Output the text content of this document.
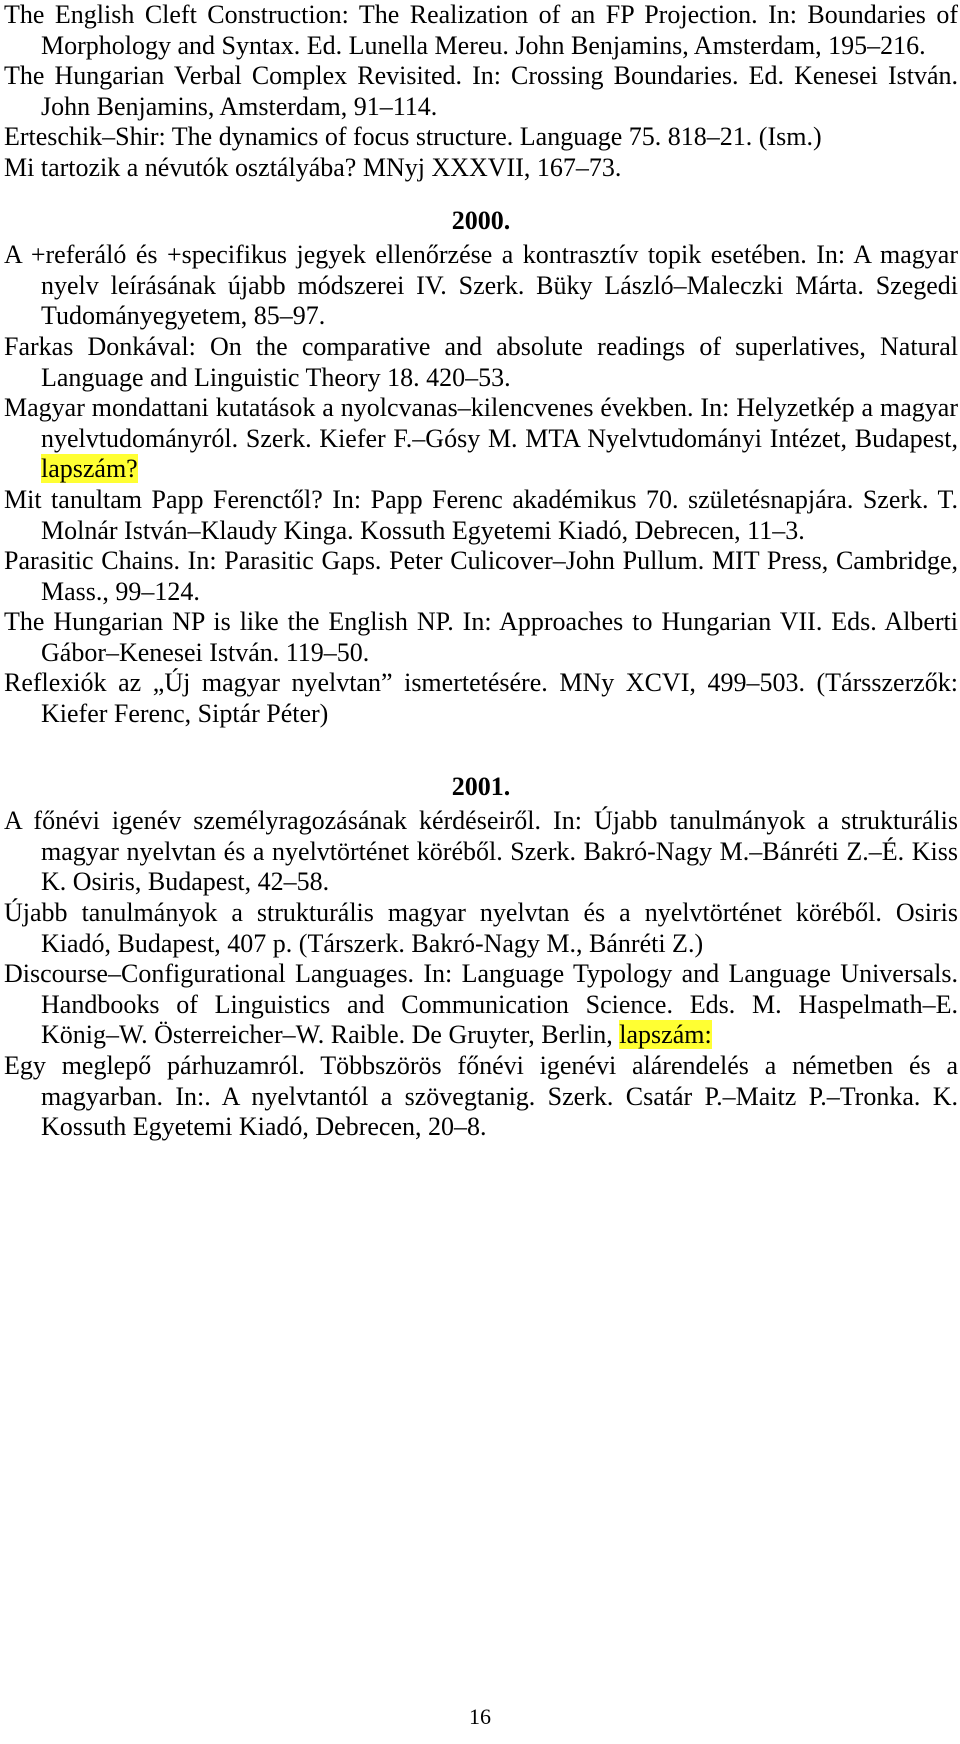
The English Cleft Construction: The Realization of an FP Projection. In: Boundaries of Morphology and Syntax. Ed. Lunella Mereu. John Benjamins, Amsterdam, 195–216.

The Hungarian Verbal Complex Revisited. In: Crossing Boundaries. Ed. Kenesei István. John Benjamins, Amsterdam, 91–114.

Erteschik–Shir: The dynamics of focus structure. Language 75. 818–21. (Ism.)

Mi tartozik a névutók osztályába? MNyj XXXVII, 167–73.

2000.

A +referáló és +specifikus jegyek ellenőrzése a kontrasztív topik esetében. In: A magyar nyelv leírásának újabb módszerei IV. Szerk. Büky László–Maleczki Márta. Szegedi Tudományegyetem, 85–97.

Farkas Donkával: On the comparative and absolute readings of superlatives, Natural Language and Linguistic Theory 18. 420–53.

Magyar mondattani kutatások a nyolcvanas–kilencvenes években. In: Helyzetkép a magyar nyelvtudományról. Szerk. Kiefer F.–Gósy M. MTA Nyelvtudományi Intézet, Budapest, lapszám?

Mit tanultam Papp Ferenctől? In: Papp Ferenc akadémikus 70. születésnapjára. Szerk. T. Molnár István–Klaudy Kinga. Kossuth Egyetemi Kiadó, Debrecen, 11–3.

Parasitic Chains. In: Parasitic Gaps. Peter Culicover–John Pullum. MIT Press, Cambridge, Mass., 99–124.

The Hungarian NP is like the English NP. In: Approaches to Hungarian VII. Eds. Alberti Gábor–Kenesei István. 119–50.

Reflexiók az „Új magyar nyelvtan” ismertetésére. MNy XCVI, 499–503. (Társszerzők: Kiefer Ferenc, Siptár Péter)

2001.

A főnévi igenév személyragozásának kérdéseiről. In: Újabb tanulmányok a strukturális magyar nyelvtan és a nyelvtörténet köréből. Szerk. Bakró-Nagy M.–Bánréti Z.–É. Kiss K. Osiris, Budapest, 42–58.

Újabb tanulmányok a strukturális magyar nyelvtan és a nyelvtörténet köréből. Osiris Kiadó, Budapest, 407 p. (Társzerk. Bakró-Nagy M., Bánréti Z.)

Discourse–Configurational Languages. In: Language Typology and Language Universals. Handbooks of Linguistics and Communication Science. Eds. M. Haspelmath–E. König–W. Österreicher–W. Raible. De Gruyter, Berlin, lapszám:

Egy meglepő párhuzamról. Többszörös főnévi igenévi alárendelés a németben és a magyarban. In:. A nyelvtantól a szövegtanig. Szerk. Csatár P.–Maitz P.–Tronka. K. Kossuth Egyetemi Kiadó, Debrecen, 20–8.

16
